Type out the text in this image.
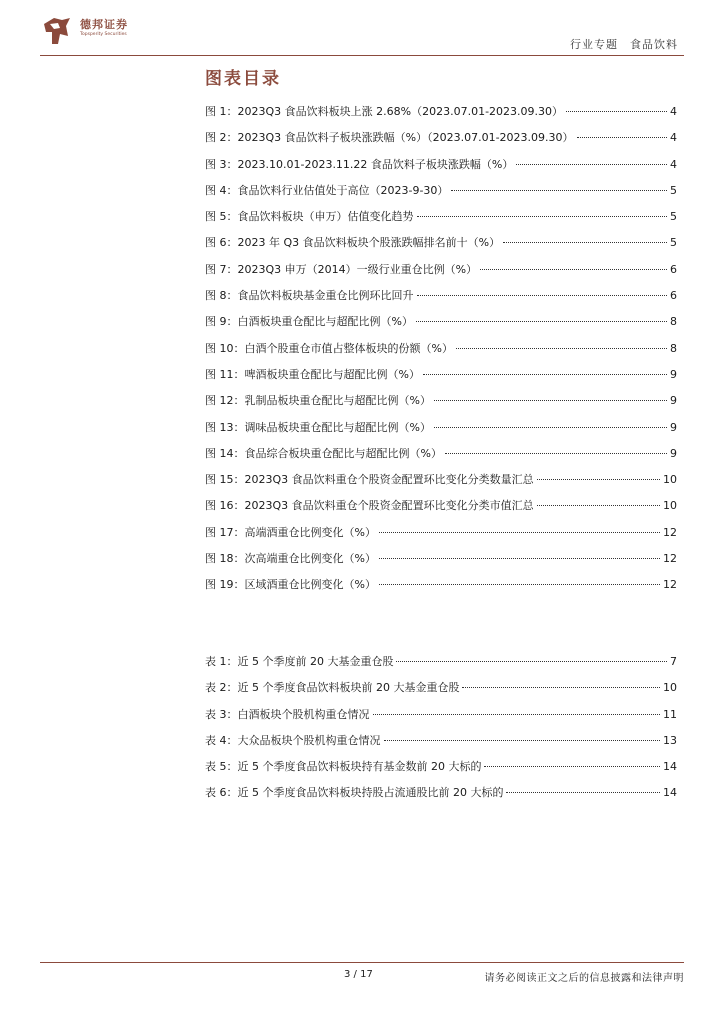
德邦证券
Topsperity Securities
行业专题 食品饮料
图表目录
图 1：2023Q3 食品饮料板块上涨 2.68%（2023.07.01-2023.09.30）	4
图 2：2023Q3 食品饮料子板块涨跌幅（%）（2023.07.01-2023.09.30）	4
图 3：2023.10.01-2023.11.22 食品饮料子板块涨跌幅（%）	4
图 4：食品饮料行业估值处于高位（2023-9-30）	5
图 5：食品饮料板块（申万）估值变化趋势	5
图 6：2023 年 Q3 食品饮料板块个股涨跌幅排名前十（%）	5
图 7：2023Q3 申万（2014）一级行业重仓比例（%）	6
图 8：食品饮料板块基金重仓比例环比回升	6
图 9：白酒板块重仓配比与超配比例（%）	8
图 10：白酒个股重仓市值占整体板块的份额（%）	8
图 11：啤酒板块重仓配比与超配比例（%）	9
图 12：乳制品板块重仓配比与超配比例（%）	9
图 13：调味品板块重仓配比与超配比例（%）	9
图 14：食品综合板块重仓配比与超配比例（%）	9
图 15：2023Q3 食品饮料重仓个股资金配置环比变化分类数量汇总	10
图 16：2023Q3 食品饮料重仓个股资金配置环比变化分类市值汇总	10
图 17：高端酒重仓比例变化（%）	12
图 18：次高端重仓比例变化（%）	12
图 19：区域酒重仓比例变化（%）	12
表 1：近 5 个季度前 20 大基金重仓股	7
表 2：近 5 个季度食品饮料板块前 20 大基金重仓股	10
表 3：白酒板块个股机构重仓情况	11
表 4：大众品板块个股机构重仓情况	13
表 5：近 5 个季度食品饮料板块持有基金数前 20 大标的	14
表 6：近 5 个季度食品饮料板块持股占流通股比前 20 大标的	14
3 / 17	请务必阅读正文之后的信息披露和法律声明
